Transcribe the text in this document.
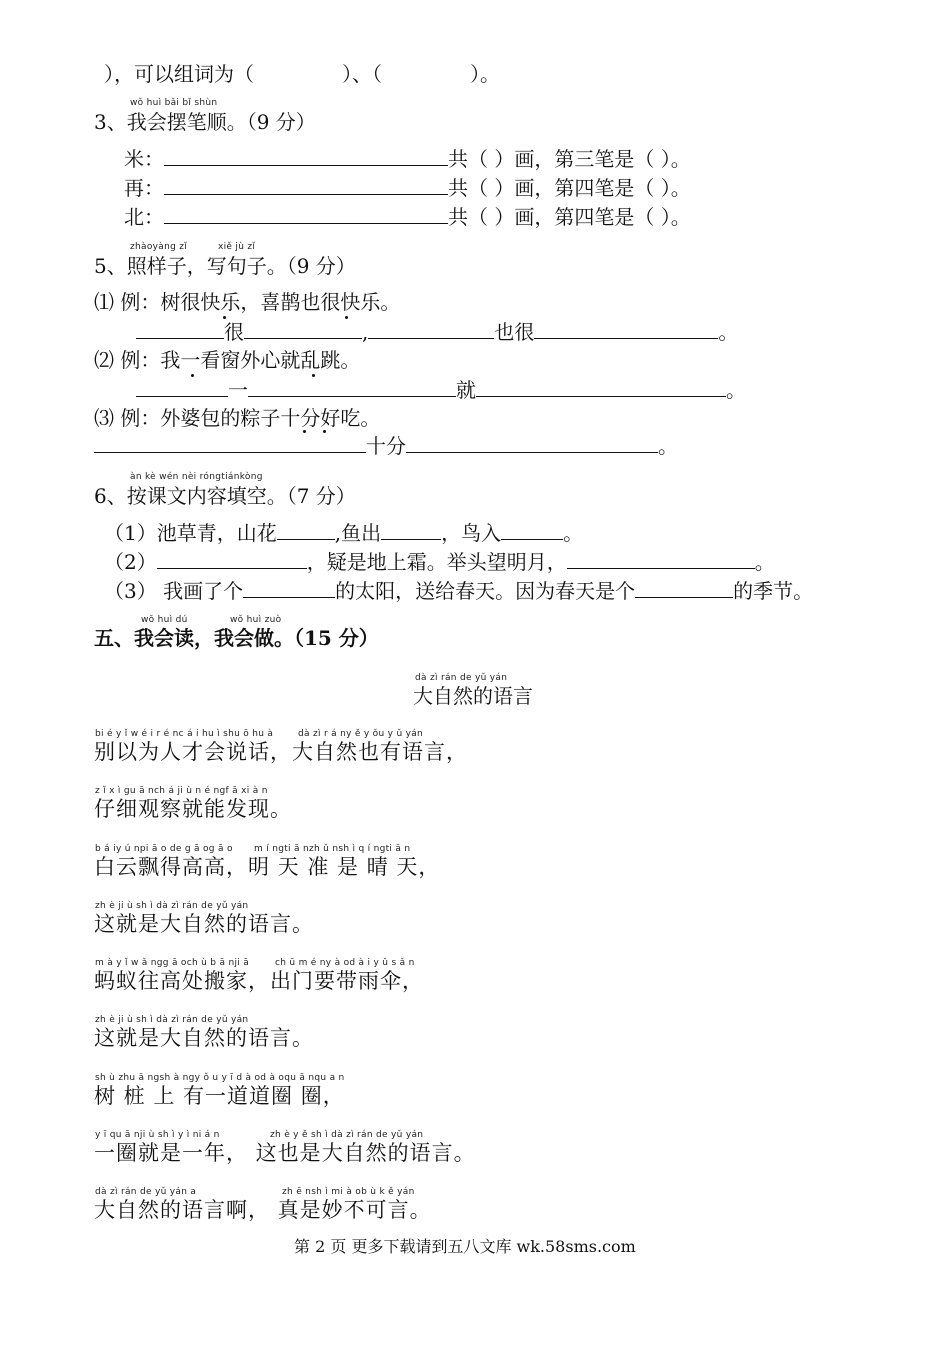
），可以组词为（	）、（	）。
wǒ huì bǎi bǐ shùn
3、我会摆笔顺。（9 分）
米：	共（ ）画，第三笔是（ ）。
再：	共（ ）画，第四笔是（ ）。
北：	共（ ）画，第四笔是（ ）。
zhàoyàng zǐ	xiě jù zǐ
5、照样子，写句子。（9 分）
⑴ 例：树很快乐，喜鹊也很快乐。
很	,	也很	。
⑵ 例：我一看窗外心就乱跳。
一	就	。
⑶ 例：外婆包的粽子十分好吃。
十分	。
àn kè wén nèi róngtiánkòng
6、按课文内容填空。（7 分）
（1）池草青，山花	,鱼出	，鸟入	。
（2）	，疑是地上霜。举头望明月，	。
（3） 我画了个	的太阳，送给春天。因为春天是个	的季节。
wǒ huì dú	wǒ huì zuò
五、我会读，我会做。（15 分）
dà zì rán de yǔ yán
大自然的语言
bi é y ǐ w é i r é nc á i hu ì shu ō hu à	dà zì r á ny ě y ǒu y ǔ yán
别以为人才会说话，大自然也有语言，
z ǐ x ì gu ā nch á ji ù n é ngf ā xi à n
仔细观察就能发现。
b á iy ú npi ā o de g ā og ā o m í ngti ā nzh ǔ nsh ì q í ngti ā n
白云飘得高高，明 天 准 是 晴 天，
zh è ji ù sh ì dà zì rán de yǔ yán
这就是大自然的语言。
m à y ǐ w ǎ ngg ā och ù b ā nji ā	ch ū m é ny à od à i y ǔ s ǎ n
蚂蚁往高处搬家，出门要带雨伞，
zh è ji ù sh ì dà zì rán de yǔ yán
这就是大自然的语言。
sh ù zhu ā ngsh à ngy ǒ u y ī d à od à oqu ā nqu a n
树 桩 上 有一道道圈 圈，
y ī qu ā nji ù sh ì y ì ni á n	zh è y ě sh ì dà zì rán de yǔ yán
一圈就是一年， 这也是大自然的语言。
dà zì rán de yǔ yán a	zh ē nsh ì mi à ob ù k ě yán
大自然的语言啊， 真是妙不可言。
第 2 页 更多下载请到五八文库 wk.58sms.com
